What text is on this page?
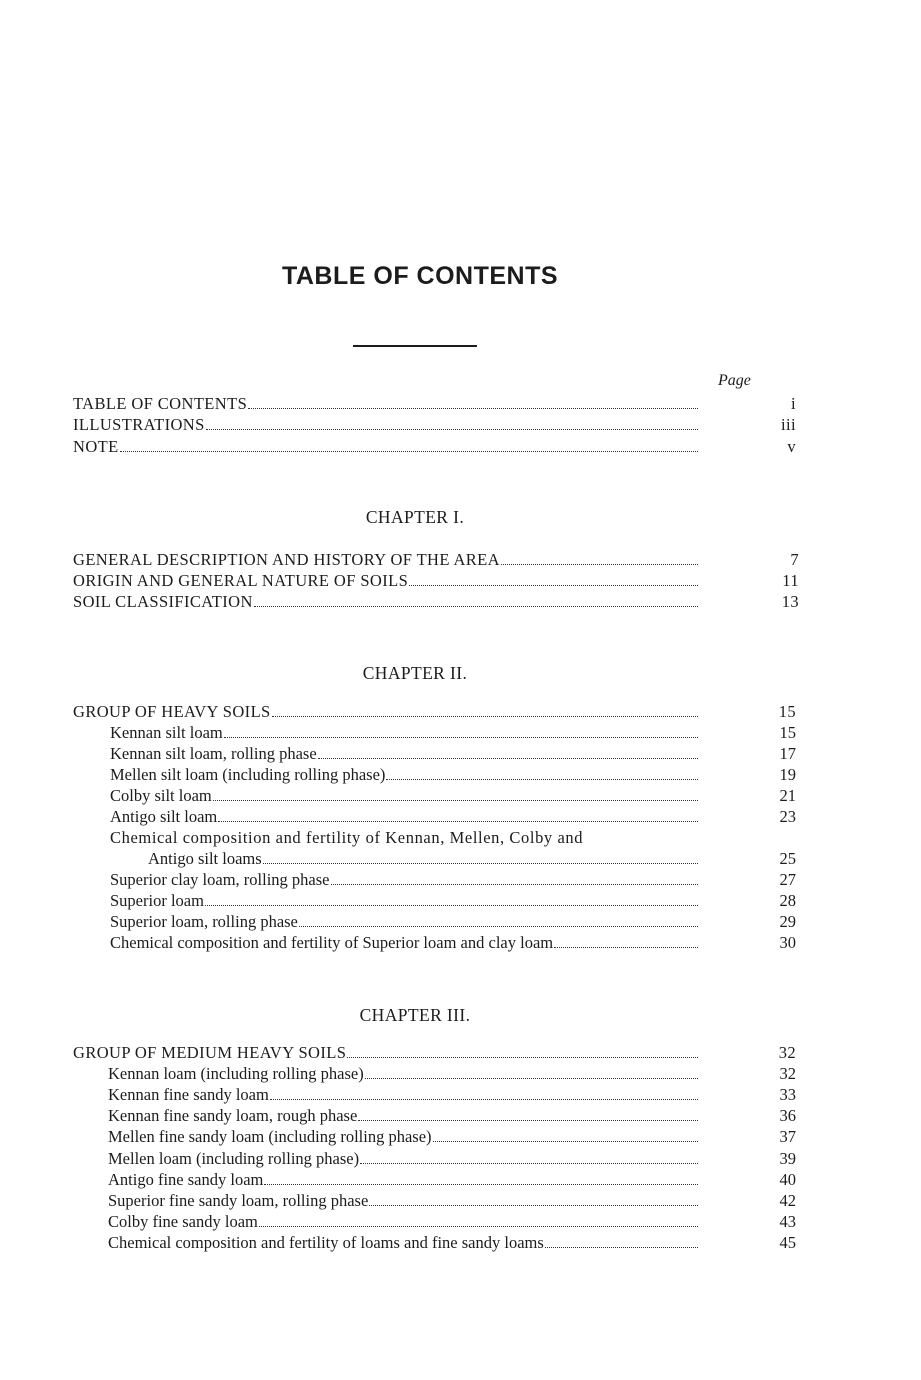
TABLE OF CONTENTS
Page
TABLE OF CONTENTS	i
ILLUSTRATIONS	iii
NOTE	v
CHAPTER I.
GENERAL DESCRIPTION AND HISTORY OF THE AREA	7
ORIGIN AND GENERAL NATURE OF SOILS	11
SOIL CLASSIFICATION	13
CHAPTER II.
GROUP OF HEAVY SOILS	15
Kennan silt loam	15
Kennan silt loam, rolling phase	17
Mellen silt loam (including rolling phase)	19
Colby silt loam	21
Antigo silt loam	23
Chemical composition and fertility of Kennan, Mellen, Colby and
Antigo silt loams	25
Superior clay loam, rolling phase	27
Superior loam	28
Superior loam, rolling phase	29
Chemical composition and fertility of Superior loam and clay loam	30
CHAPTER III.
GROUP OF MEDIUM HEAVY SOILS	32
Kennan loam (including rolling phase)	32
Kennan fine sandy loam	33
Kennan fine sandy loam, rough phase	36
Mellen fine sandy loam (including rolling phase)	37
Mellen loam (including rolling phase)	39
Antigo fine sandy loam	40
Superior fine sandy loam, rolling phase	42
Colby fine sandy loam	43
Chemical composition and fertility of loams and fine sandy loams	45
